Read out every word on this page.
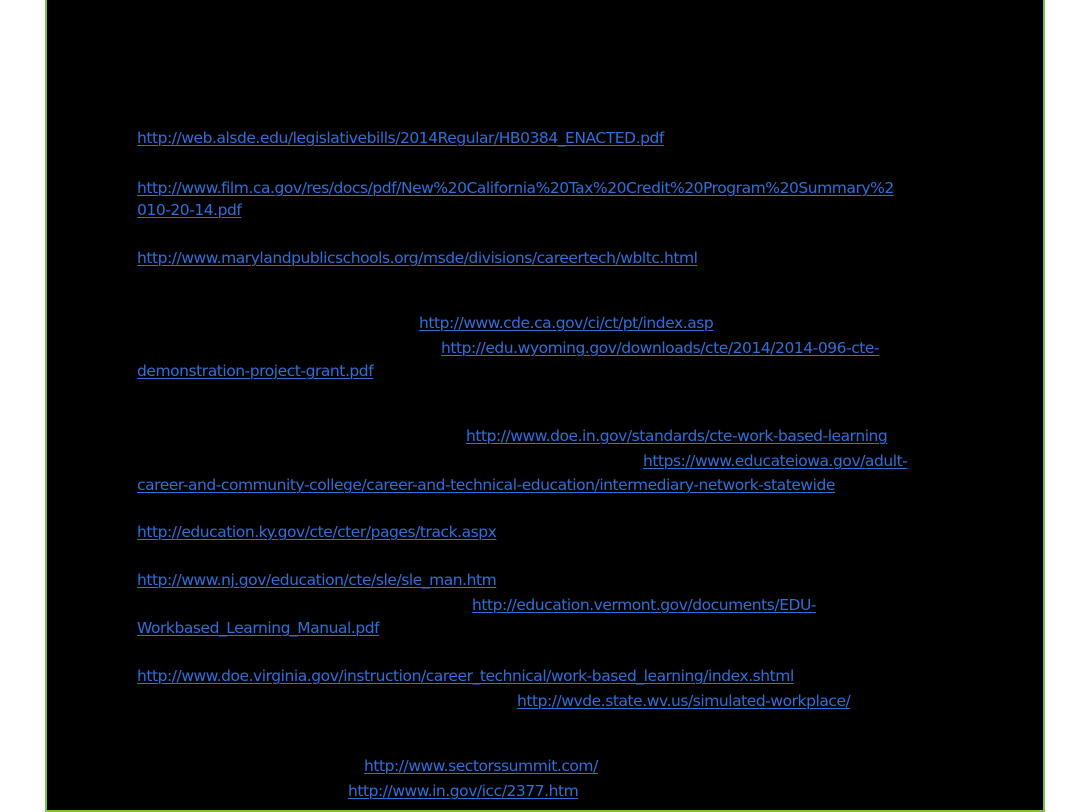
http://web.alsde.edu/legislativebills/2014Regular/HB0384_ENACTED.pdf
http://www.film.ca.gov/res/docs/pdf/New%20California%20Tax%20Credit%20Program%20Summary%2
010-20-14.pdf
http://www.marylandpublicschools.org/msde/divisions/careertech/wbltc.html
http://www.cde.ca.gov/ci/ct/pt/index.asp
http://edu.wyoming.gov/downloads/cte/2014/2014-096-cte-
demonstration-project-grant.pdf
http://www.doe.in.gov/standards/cte-work-based-learning
https://www.educateiowa.gov/adult-
career-and-community-college/career-and-technical-education/intermediary-network-statewide
http://education.ky.gov/cte/cter/pages/track.aspx
http://www.nj.gov/education/cte/sle/sle_man.htm
http://education.vermont.gov/documents/EDU-
Workbased_Learning_Manual.pdf
http://www.doe.virginia.gov/instruction/career_technical/work-based_learning/index.shtml
http://wvde.state.wv.us/simulated-workplace/
http://www.sectorssummit.com/
http://www.in.gov/icc/2377.htm
